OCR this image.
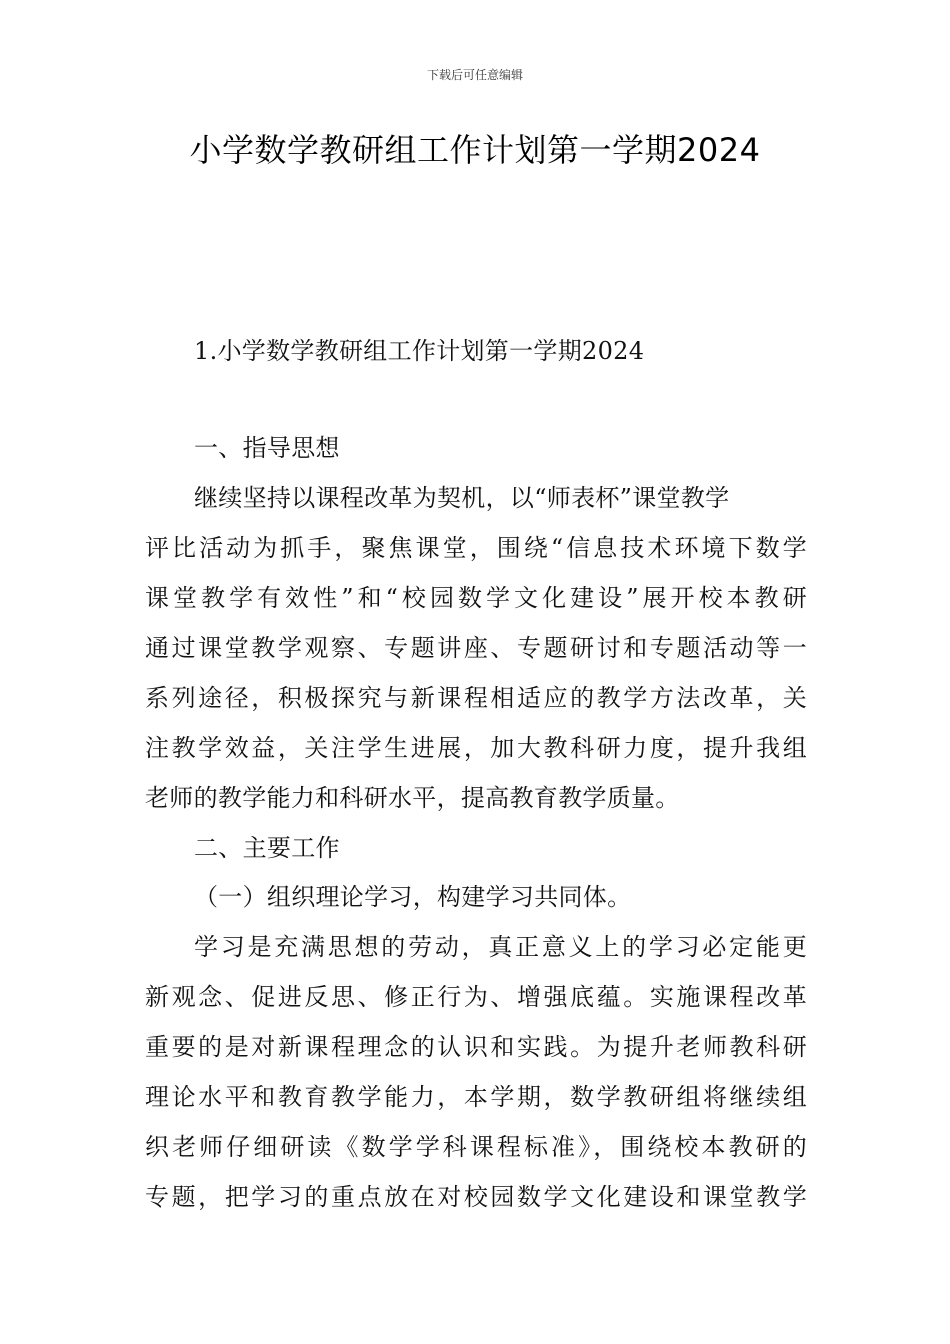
下载后可任意编辑
小学数学教研组工作计划第一学期2024
1.小学数学教研组工作计划第一学期2024
一、指导思想
继续坚持以课程改革为契机，以“师表杯”课堂教学
评比活动为抓手，聚焦课堂，围绕“信息技术环境下数学
课堂教学有效性”和“校园数学文化建设”展开校本教研
通过课堂教学观察、专题讲座、专题研讨和专题活动等一
系列途径，积极探究与新课程相适应的教学方法改革，关
注教学效益，关注学生进展，加大教科研力度，提升我组
老师的教学能力和科研水平，提高教育教学质量。
二、主要工作
（一）组织理论学习，构建学习共同体。
学习是充满思想的劳动，真正意义上的学习必定能更
新观念、促进反思、修正行为、增强底蕴。实施课程改革
重要的是对新课程理念的认识和实践。为提升老师教科研
理论水平和教育教学能力，本学期，数学教研组将继续组
织老师仔细研读《数学学科课程标准》，围绕校本教研的
专题，把学习的重点放在对校园数学文化建设和课堂教学
